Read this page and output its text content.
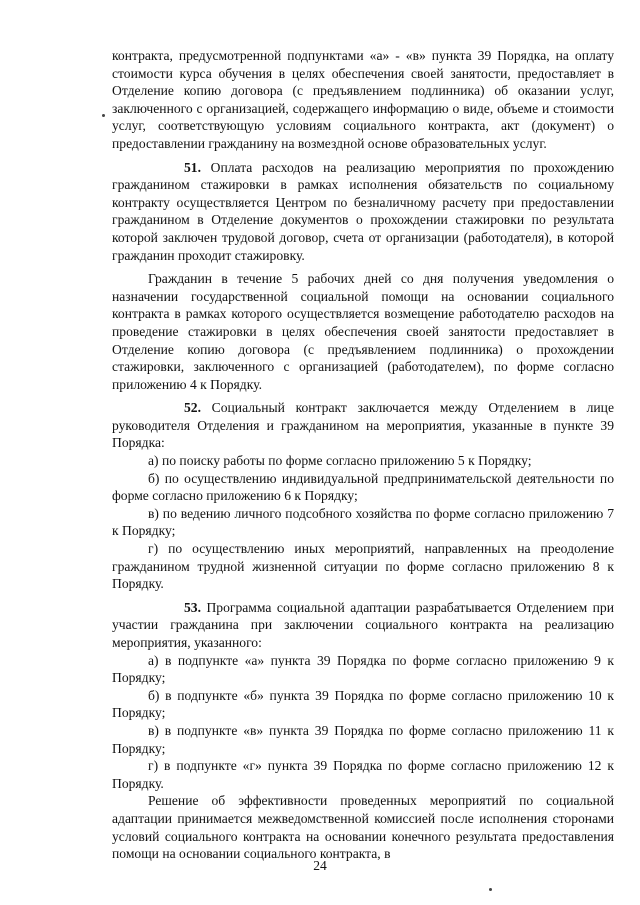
контракта, предусмотренной подпунктами «а» - «в» пункта 39 Порядка, на оплату стоимости курса обучения в целях обеспечения своей занятости, предоставляет в Отделение копию договора (с предъявлением подлинника) об оказании услуг, заключенного с организацией, содержащего информацию о виде, объеме и стоимости услуг, соответствующую условиям социального контракта, акт (документ) о предоставлении гражданину на возмездной основе образовательных услуг.

51. Оплата расходов на реализацию мероприятия по прохождению гражданином стажировки в рамках исполнения обязательств по социальному контракту осуществляется Центром по безналичному расчету при предоставлении гражданином в Отделение документов о прохождении стажировки по результата которой заключен трудовой договор, счета от организации (работодателя), в которой гражданин проходит стажировку.

Гражданин в течение 5 рабочих дней со дня получения уведомления о назначении государственной социальной помощи на основании социального контракта в рамках которого осуществляется возмещение работодателю расходов на проведение стажировки в целях обеспечения своей занятости предоставляет в Отделение копию договора (с предъявлением подлинника) о прохождении стажировки, заключенного с организацией (работодателем), по форме согласно приложению 4 к Порядку.

52. Социальный контракт заключается между Отделением в лице руководителя Отделения и гражданином на мероприятия, указанные в пункте 39 Порядка:

а) по поиску работы по форме согласно приложению 5 к Порядку;

б) по осуществлению индивидуальной предпринимательской деятельности по форме согласно приложению 6 к Порядку;

в) по ведению личного подсобного хозяйства по форме согласно приложению 7 к Порядку;

г) по осуществлению иных мероприятий, направленных на преодоление гражданином трудной жизненной ситуации по форме согласно приложению 8 к Порядку.

53. Программа социальной адаптации разрабатывается Отделением при участии гражданина при заключении социального контракта на реализацию мероприятия, указанного:

а) в подпункте «а» пункта 39 Порядка по форме согласно приложению 9 к Порядку;

б) в подпункте «б» пункта 39 Порядка по форме согласно приложению 10 к Порядку;

в) в подпункте «в» пункта 39 Порядка по форме согласно приложению 11 к Порядку;

г) в подпункте «г» пункта 39 Порядка по форме согласно приложению 12 к Порядку.

Решение об эффективности проведенных мероприятий по социальной адаптации принимается межведомственной комиссией после исполнения сторонами условий социального контракта на основании конечного результата предоставления помощи на основании социального контракта, в

24
